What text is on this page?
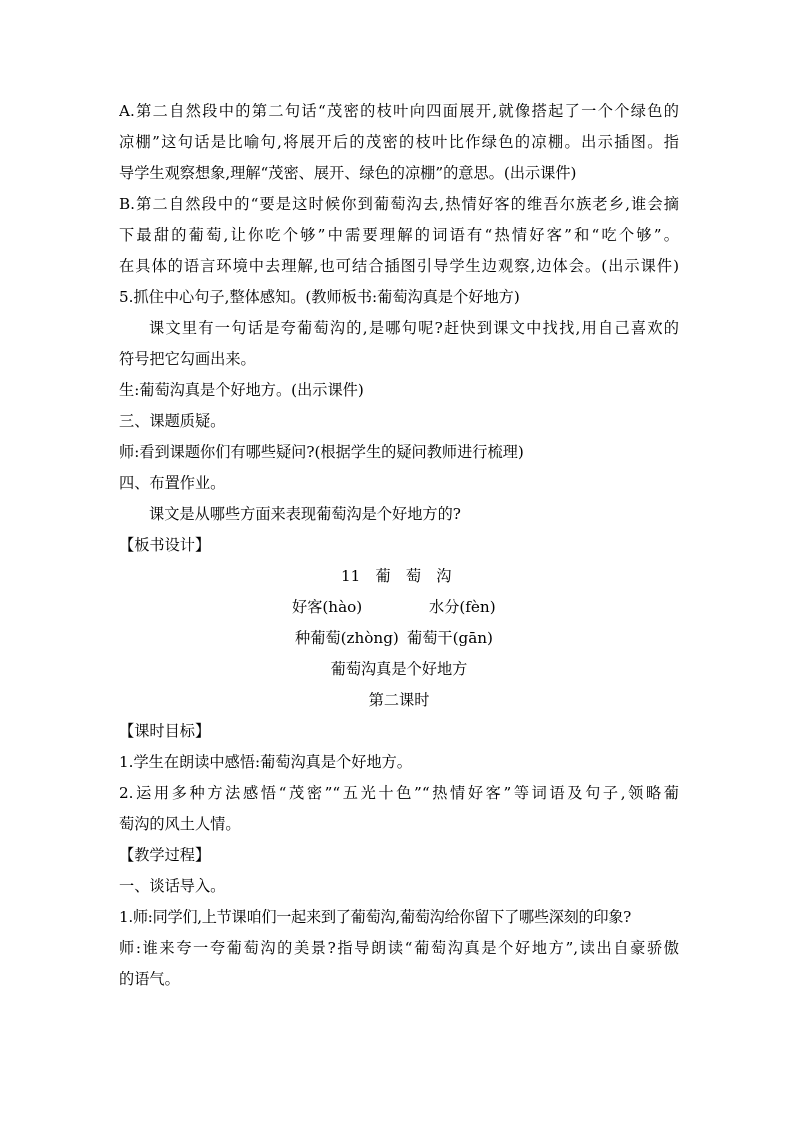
A.第二自然段中的第二句话“茂密的枝叶向四面展开,就像搭起了一个个绿色的
凉棚”这句话是比喻句,将展开后的茂密的枝叶比作绿色的凉棚。出示插图。指
导学生观察想象,理解“茂密、展开、绿色的凉棚”的意思。(出示课件)
B.第二自然段中的“要是这时候你到葡萄沟去,热情好客的维吾尔族老乡,谁会摘
下最甜的葡萄,让你吃个够”中需要理解的词语有“热情好客”和“吃个够”。
在具体的语言环境中去理解,也可结合插图引导学生边观察,边体会。(出示课件)
5.抓住中心句子,整体感知。(教师板书:葡萄沟真是个好地方)
课文里有一句话是夸葡萄沟的,是哪句呢?赶快到课文中找找,用自己喜欢的
符号把它勾画出来。
生:葡萄沟真是个好地方。(出示课件)
三、课题质疑。
师:看到课题你们有哪些疑问?(根据学生的疑问教师进行梳理)
四、布置作业。
课文是从哪些方面来表现葡萄沟是个好地方的?
【板书设计】
11　葡　萄　沟
好客(hào)	水分(fèn)
种葡萄(zhòng) 葡萄干(gān)
葡萄沟真是个好地方
第二课时
【课时目标】
1.学生在朗读中感悟:葡萄沟真是个好地方。
2.运用多种方法感悟“茂密”“五光十色”“热情好客”等词语及句子,领略葡
萄沟的风土人情。
【教学过程】
一、谈话导入。
1.师:同学们,上节课咱们一起来到了葡萄沟,葡萄沟给你留下了哪些深刻的印象?
师:谁来夸一夸葡萄沟的美景?指导朗读“葡萄沟真是个好地方”,读出自豪骄傲
的语气。
